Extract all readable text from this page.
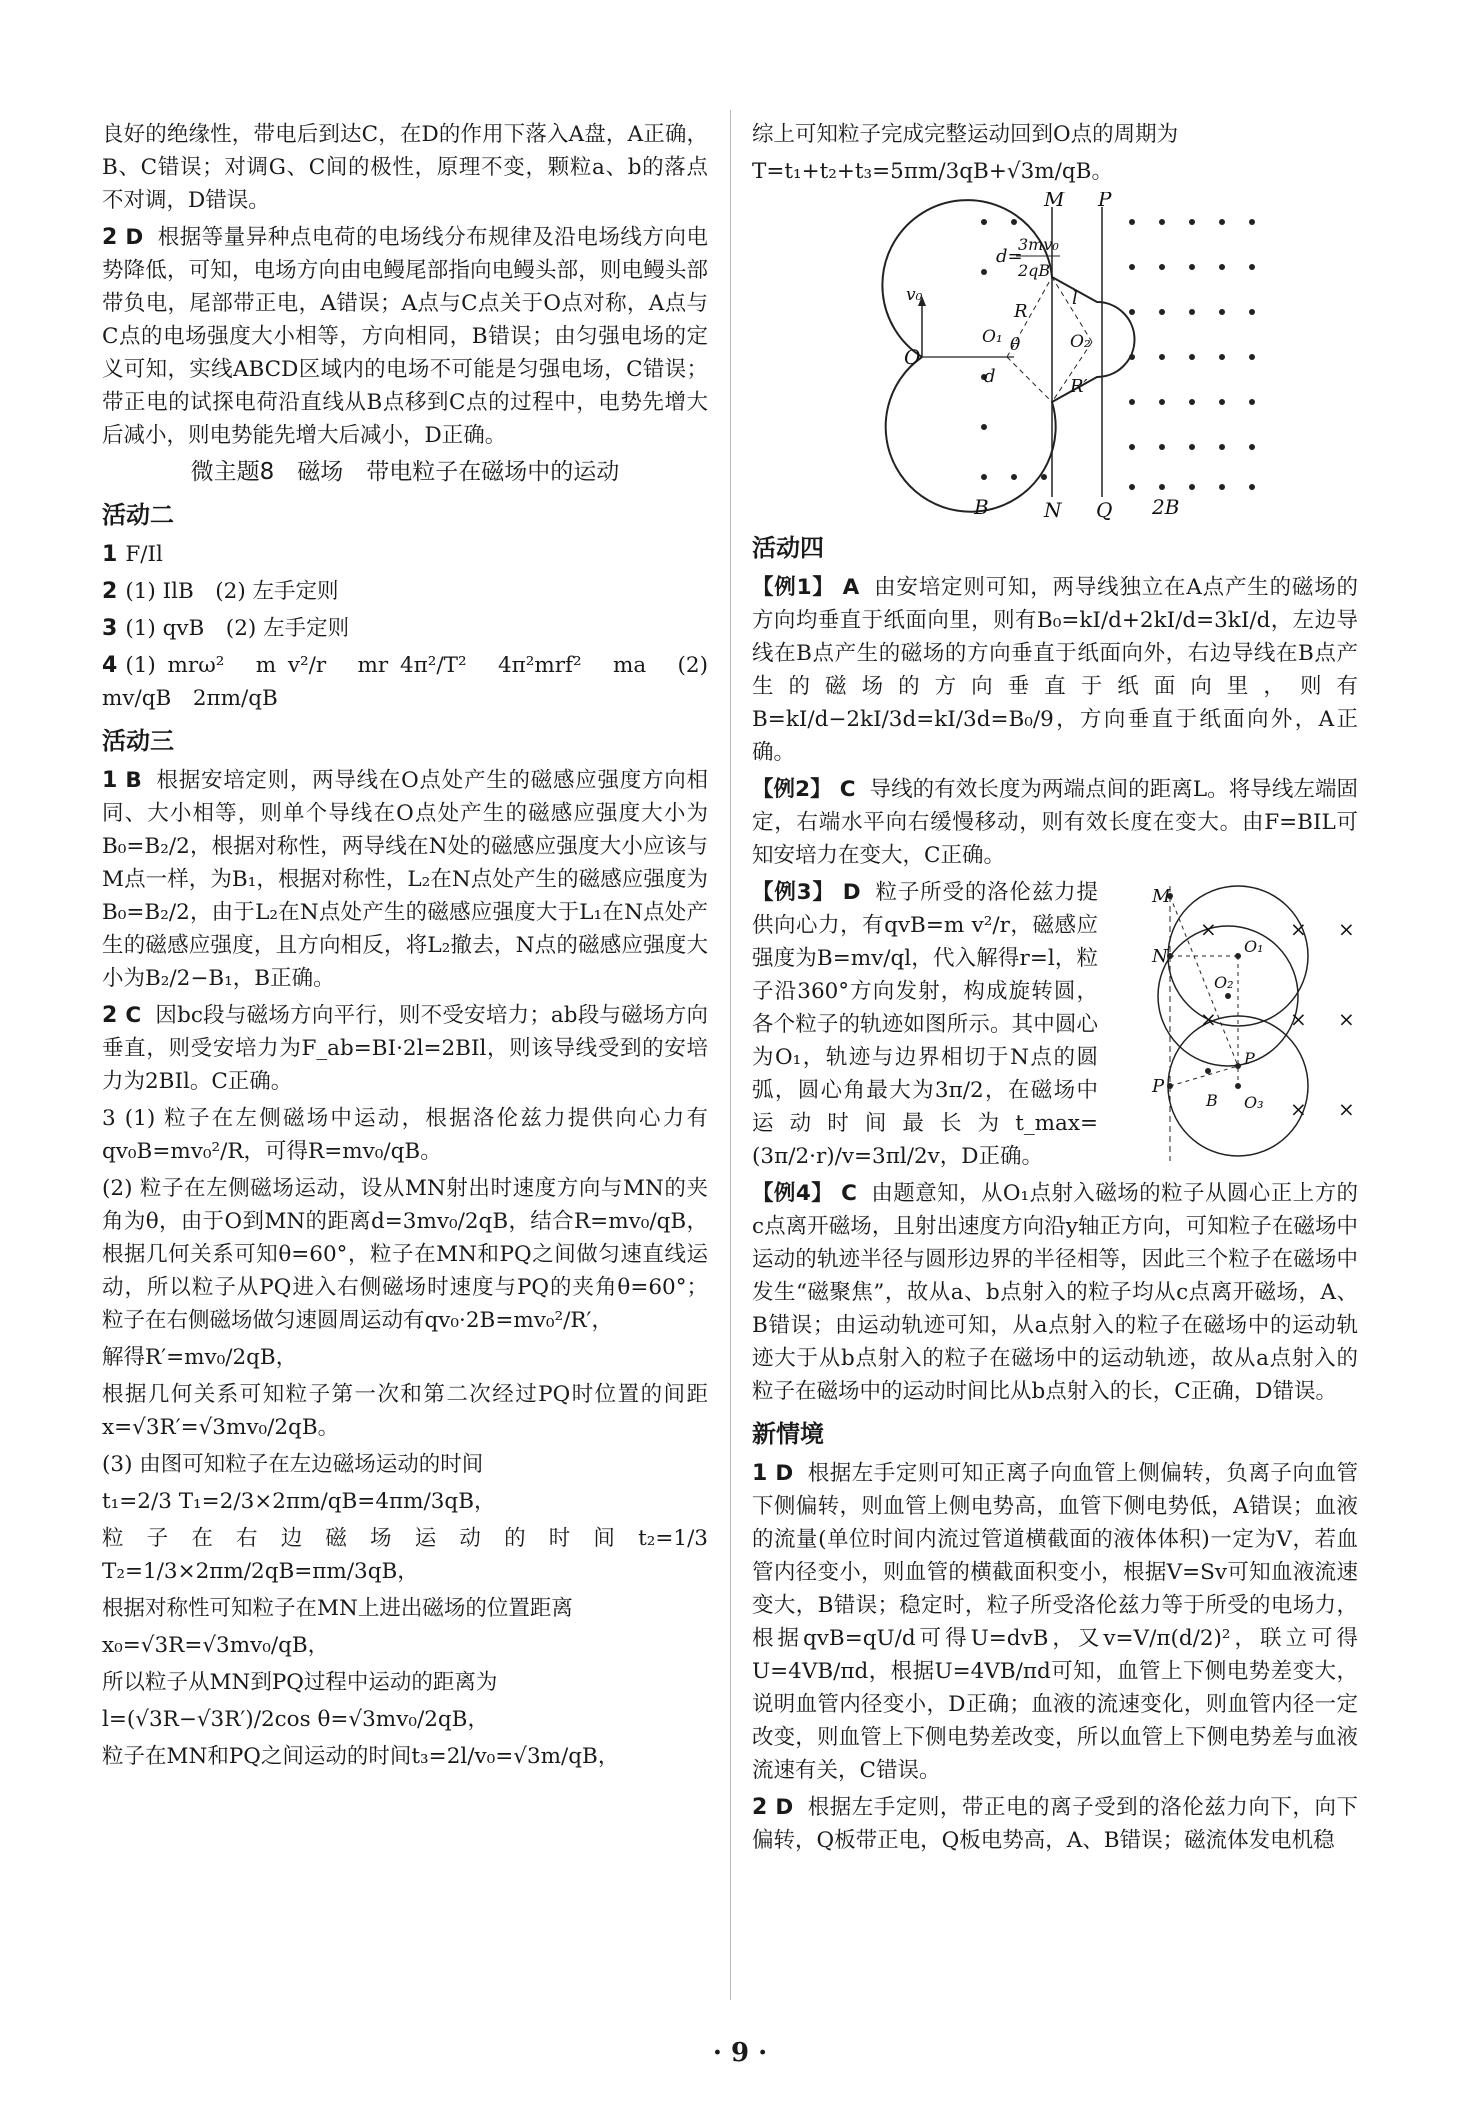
良好的绝缘性，带电后到达C，在D的作用下落入A盘，A正确，B、C错误；对调G、C间的极性，原理不变，颗粒a、b的落点不对调，D错误。

2 D 根据等量异种点电荷的电场线分布规律及沿电场线方向电势降低，可知，电场方向由电鳗尾部指向电鳗头部，则电鳗头部带负电，尾部带正电，A错误；A点与C点关于O点对称，A点与C点的电场强度大小相等，方向相同，B错误；由匀强电场的定义可知，实线ABCD区域内的电场不可能是匀强电场，C错误；带正电的试探电荷沿直线从B点移到C点的过程中，电势先增大后减小，则电势能先增大后减小，D正确。

微主题8　磁场　带电粒子在磁场中的运动
活动二

1 F/Il

2 (1) IlB　(2) 左手定则

3 (1) qvB　(2) 左手定则

4 (1) mrω²　m v²/r　mr 4π²/T²　4π²mrf²　ma　(2) mv/qB　2πm/qB

活动三

1 B 根据安培定则，两导线在O点处产生的磁感应强度方向相同、大小相等，则单个导线在O点处产生的磁感应强度大小为B₀=B₂/2，根据对称性，两导线在N处的磁感应强度大小应该与M点一样，为B₁，根据对称性，L₂在N点处产生的磁感应强度为B₀=B₂/2，由于L₂在N点处产生的磁感应强度大于L₁在N点处产生的磁感应强度，且方向相反，将L₂撤去，N点的磁感应强度大小为B₂/2−B₁，B正确。

2 C 因bc段与磁场方向平行，则不受安培力；ab段与磁场方向垂直，则受安培力为F_ab=BI·2l=2BIl，则该导线受到的安培力为2BIl。C正确。

3 (1) 粒子在左侧磁场中运动，根据洛伦兹力提供向心力有qv₀B=mv₀²/R，可得R=mv₀/qB。

(2) 粒子在左侧磁场运动，设从MN射出时速度方向与MN的夹角为θ，由于O到MN的距离d=3mv₀/2qB，结合R=mv₀/qB，根据几何关系可知θ=60°，粒子在MN和PQ之间做匀速直线运动，所以粒子从PQ进入右侧磁场时速度与PQ的夹角θ=60°；粒子在右侧磁场做匀速圆周运动有qv₀·2B=mv₀²/R′，

解得R′=mv₀/2qB，

根据几何关系可知粒子第一次和第二次经过PQ时位置的间距x=√3R′=√3mv₀/2qB。

(3) 由图可知粒子在左边磁场运动的时间

t₁=2/3 T₁=2/3×2πm/qB=4πm/3qB，

粒子在右边磁场运动的时间t₂=1/3 T₂=1/3×2πm/2qB=πm/3qB，

根据对称性可知粒子在MN上进出磁场的位置距离

x₀=√3R=√3mv₀/qB，

所以粒子从MN到PQ过程中运动的距离为

l=(√3R−√3R′)/2cos θ=√3mv₀/2qB，

粒子在MN和PQ之间运动的时间t₃=2l/v₀=√3m/qB，

综上可知粒子完成完整运动回到O点的周期为

T=t₁+t₂+t₃=5πm/3qB+√3m/qB。

M P
N Q
B	2B
O
O₁	O₂
R
R′
l
θ
d
v₀
d=
3mv₀
2qB
活动四

【例1】 A 由安培定则可知，两导线独立在A点产生的磁场的方向均垂直于纸面向里，则有B₀=kI/d+2kI/d=3kI/d，左边导线在B点产生的磁场的方向垂直于纸面向外，右边导线在B点产生的磁场的方向垂直于纸面向里，则有B=kI/d−2kI/3d=kI/3d=B₀/9，方向垂直于纸面向外，A正确。

【例2】 C 导线的有效长度为两端点间的距离L。将导线左端固定，右端水平向右缓慢移动，则有效长度在变大。由F=BIL可知安培力在变大，C正确。

×	× ×
×	× ×
× ×
M
N
P
O₁
O₂
O₃
B
P

【例3】 D 粒子所受的洛伦兹力提供向心力，有qvB=m v²/r，磁感应强度为B=mv/ql，代入解得r=l，粒子沿360°方向发射，构成旋转圆，各个粒子的轨迹如图所示。其中圆心为O₁，轨迹与边界相切于N点的圆弧，圆心角最大为3π/2，在磁场中运动时间最长为t_max=(3π/2·r)/v=3πl/2v，D正确。

【例4】 C 由题意知，从O₁点射入磁场的粒子从圆心正上方的c点离开磁场，且射出速度方向沿y轴正方向，可知粒子在磁场中运动的轨迹半径与圆形边界的半径相等，因此三个粒子在磁场中发生“磁聚焦”，故从a、b点射入的粒子均从c点离开磁场，A、B错误；由运动轨迹可知，从a点射入的粒子在磁场中的运动轨迹大于从b点射入的粒子在磁场中的运动轨迹，故从a点射入的粒子在磁场中的运动时间比从b点射入的长，C正确，D错误。

新情境

1 D 根据左手定则可知正离子向血管上侧偏转，负离子向血管下侧偏转，则血管上侧电势高，血管下侧电势低，A错误；血液的流量(单位时间内流过管道横截面的液体体积)一定为V，若血管内径变小，则血管的横截面积变小，根据V=Sv可知血液流速变大，B错误；稳定时，粒子所受洛伦兹力等于所受的电场力，根据qvB=qU/d可得U=dvB，又v=V/π(d/2)²，联立可得U=4VB/πd，根据U=4VB/πd可知，血管上下侧电势差变大，说明血管内径变小，D正确；血液的流速变化，则血管内径一定改变，则血管上下侧电势差改变，所以血管上下侧电势差与血液流速有关，C错误。

2 D 根据左手定则，带正电的离子受到的洛伦兹力向下，向下偏转，Q板带正电，Q板电势高，A、B错误；磁流体发电机稳

· 9 ·
